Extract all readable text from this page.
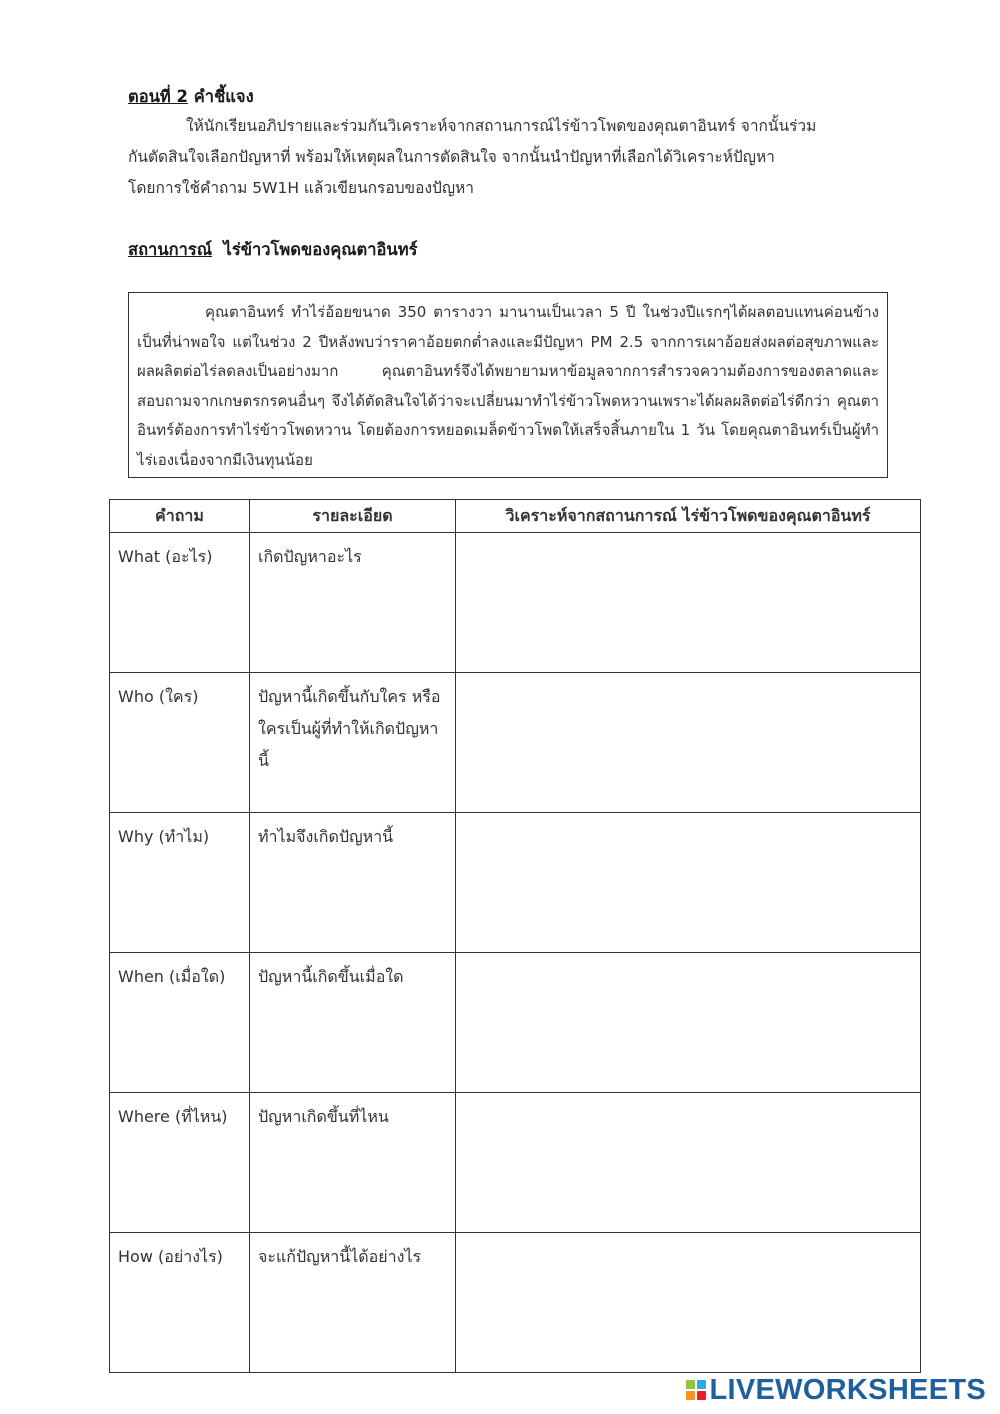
ตอนที่ 2 คำชี้แจง

ให้นักเรียนอภิปรายและร่วมกันวิเคราะห์จากสถานการณ์ไร่ข้าวโพดของคุณตาอินทร์ จากนั้นร่วม

กันตัดสินใจเลือกปัญหาที่ พร้อมให้เหตุผลในการตัดสินใจ จากนั้นนำปัญหาที่เลือกได้วิเคราะห์ปัญหา

โดยการใช้คำถาม 5W1H แล้วเขียนกรอบของปัญหา

สถานการณ์ ไร่ข้าวโพดของคุณตาอินทร์
คุณตาอินทร์ ทำไร่อ้อยขนาด 350 ตารางวา มานานเป็นเวลา 5 ปี ในช่วงปีแรกๆได้ผลตอบแทนค่อนข้างเป็นที่น่าพอใจ แต่ในช่วง 2 ปีหลังพบว่าราคาอ้อยตกต่ำลงและมีปัญหา PM 2.5 จากการเผาอ้อยส่งผลต่อสุขภาพและผลผลิตต่อไร่ลดลงเป็นอย่างมาก คุณตาอินทร์จึงได้พยายามหาข้อมูลจากการสำรวจความต้องการของตลาดและสอบถามจากเกษตรกรคนอื่นๆ จึงได้ตัดสินใจได้ว่าจะเปลี่ยนมาทำไร่ข้าวโพดหวานเพราะได้ผลผลิตต่อไร่ดีกว่า คุณตาอินทร์ต้องการทำไร่ข้าวโพดหวาน โดยต้องการหยอดเมล็ดข้าวโพดให้เสร็จสิ้นภายใน 1 วัน โดยคุณตาอินทร์เป็นผู้ทำไร่เองเนื่องจากมีเงินทุนน้อย
คำถาม	รายละเอียด	วิเคราะห์จากสถานการณ์ ไร่ข้าวโพดของคุณตาอินทร์
What (อะไร)	เกิดปัญหาอะไร	
Who (ใคร)	ปัญหานี้เกิดขึ้นกับใคร หรือใครเป็นผู้ที่ทำให้เกิดปัญหานี้	
Why (ทำไม)	ทำไมจึงเกิดปัญหานี้	
When (เมื่อใด)	ปัญหานี้เกิดขึ้นเมื่อใด	
Where (ที่ไหน)	ปัญหาเกิดขึ้นที่ไหน	
How (อย่างไร)	จะแก้ปัญหานี้ได้อย่างไร	
LIVEWORKSHEETS
